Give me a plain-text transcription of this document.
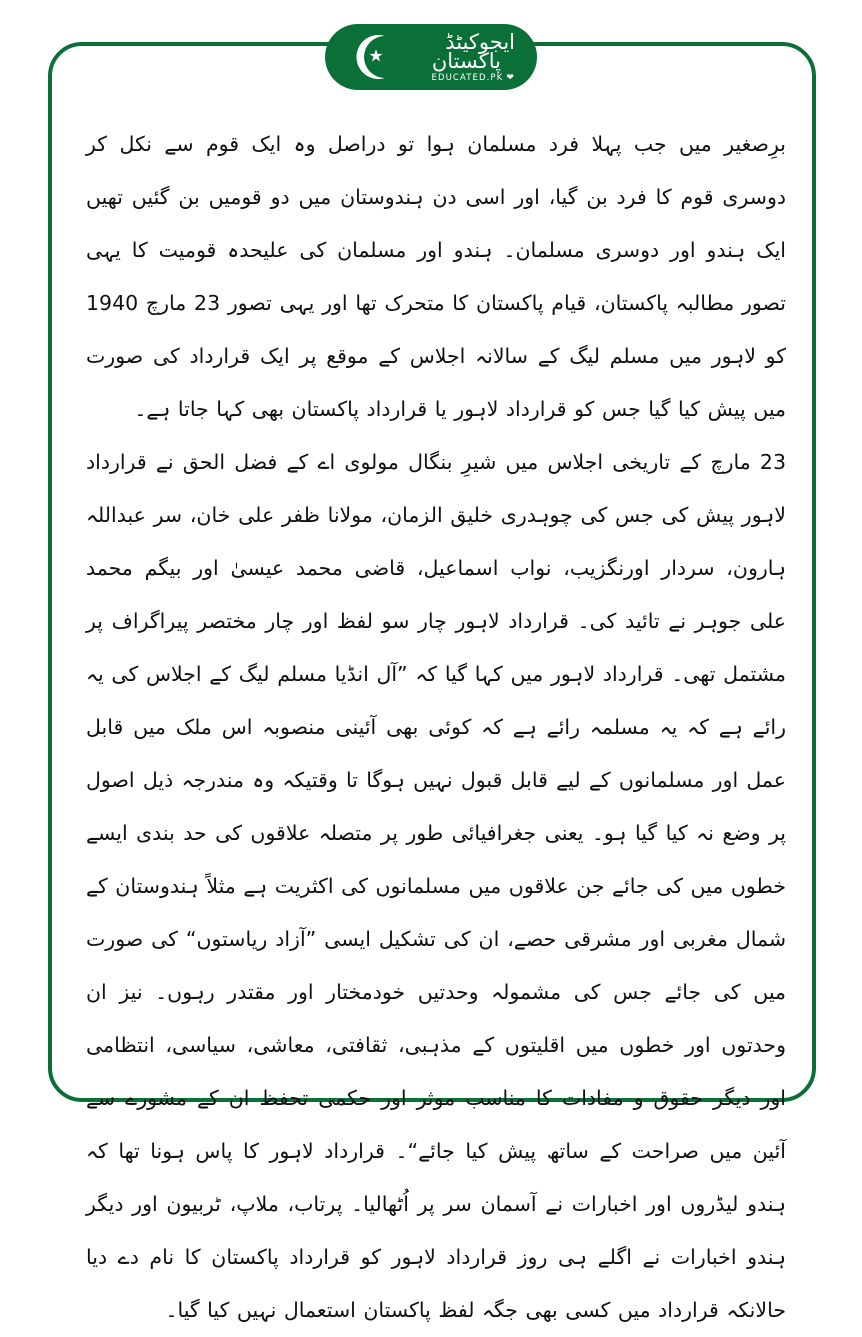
ایجوکیٹڈ
پاکستان
EDUCATED.PK ❤

برِصغیر میں جب پہلا فرد مسلمان ہوا تو دراصل وہ ایک قوم سے نکل کر دوسری قوم کا فرد بن گیا، اور اسی دن ہندوستان میں دو قومیں بن گئیں تھیں ایک ہندو اور دوسری مسلمان۔ ہندو اور مسلمان کی علیحدہ قومیت کا یہی تصور مطالبہ پاکستان، قیام پاکستان کا متحرک تھا اور یہی تصور 23 مارچ 1940 کو لاہور میں مسلم لیگ کے سالانہ اجلاس کے موقع پر ایک قرارداد کی صورت میں پیش کیا گیا جس کو قرارداد لاہور یا قرارداد پاکستان بھی کہا جاتا ہے۔

23 مارچ کے تاریخی اجلاس میں شیرِ بنگال مولوی اے کے فضل الحق نے قرارداد لاہور پیش کی جس کی چوہدری خلیق الزمان، مولانا ظفر علی خان، سر عبداللہ ہارون، سردار اورنگزیب، نواب اسماعیل، قاضی محمد عیسیٰ اور بیگم محمد علی جوہر نے تائید کی۔ قرارداد لاہور چار سو لفظ اور چار مختصر پیراگراف پر مشتمل تھی۔ قرارداد لاہور میں کہا گیا کہ ”آل انڈیا مسلم لیگ کے اجلاس کی یہ رائے ہے کہ یہ مسلمہ رائے ہے کہ کوئی بھی آئینی منصوبہ اس ملک میں قابل عمل اور مسلمانوں کے لیے قابل قبول نہیں ہوگا تا وقتیکہ وہ مندرجہ ذیل اصول پر وضع نہ کیا گیا ہو۔ یعنی جغرافیائی طور پر متصلہ علاقوں کی حد بندی ایسے خطوں میں کی جائے جن علاقوں میں مسلمانوں کی اکثریت ہے مثلاً ہندوستان کے شمال مغربی اور مشرقی حصے، ان کی تشکیل ایسی ”آزاد ریاستوں“ کی صورت میں کی جائے جس کی مشمولہ وحدتیں خودمختار اور مقتدر رہوں۔ نیز ان وحدتوں اور خطوں میں اقلیتوں کے مذہبی، ثقافتی، معاشی، سیاسی، انتظامی اور دیگر حقوق و مفادات کا مناسب موثر اور حکمی تحفظ ان کے مشورے سے آئین میں صراحت کے ساتھ پیش کیا جائے“۔ قرارداد لاہور کا پاس ہونا تھا کہ ہندو لیڈروں اور اخبارات نے آسمان سر پر اُٹھالیا۔ پرتاب، ملاپ، ٹربیون اور دیگر ہندو اخبارات نے اگلے ہی روز قرارداد لاہور کو قرارداد پاکستان کا نام دے دیا حالانکہ قرارداد میں کسی بھی جگہ لفظ پاکستان استعمال نہیں کیا گیا۔
